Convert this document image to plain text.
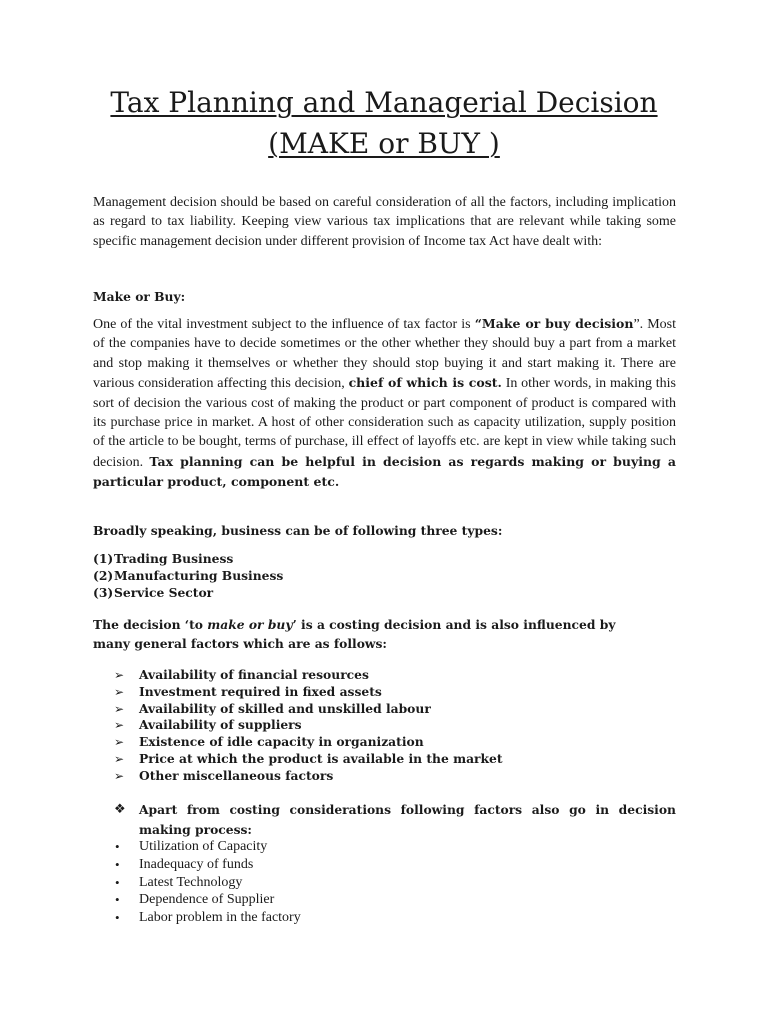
Tax Planning and Managerial Decision
(MAKE or BUY )

Management decision should be based on careful consideration of all the factors, including implication as regard to tax liability. Keeping view various tax implications that are relevant while taking some specific management decision under different provision of Income tax Act have dealt with:

Make or Buy:

One of the vital investment subject to the influence of tax factor is “Make or buy decision”. Most of the companies have to decide sometimes or the other whether they should buy a part from a market and stop making it themselves or whether they should stop buying it and start making it. There are various consideration affecting this decision, chief of which is cost. In other words, in making this sort of decision the various cost of making the product or part component of product is compared with its purchase price in market. A host of other consideration such as capacity utilization, supply position of the article to be bought, terms of purchase, ill effect of layoffs etc. are kept in view while taking such decision. Tax planning can be helpful in decision as regards making or buying a particular product, component etc.

Broadly speaking, business can be of following three types:

(1) Trading Business
(2) Manufacturing Business
(3) Service Sector

The decision ‘to make or buy’ is a costing decision and is also influenced by many general factors which are as follows:

➢ Availability of financial resources
➢ Investment required in fixed assets
➢ Availability of skilled and unskilled labour
➢ Availability of suppliers
➢ Existence of idle capacity in organization
➢ Price at which the product is available in the market
➢ Other miscellaneous factors
❖ Apart from costing considerations following factors also go in decision making process:

• Utilization of Capacity
• Inadequacy of funds
• Latest Technology
• Dependence of Supplier
• Labor problem in the factory
